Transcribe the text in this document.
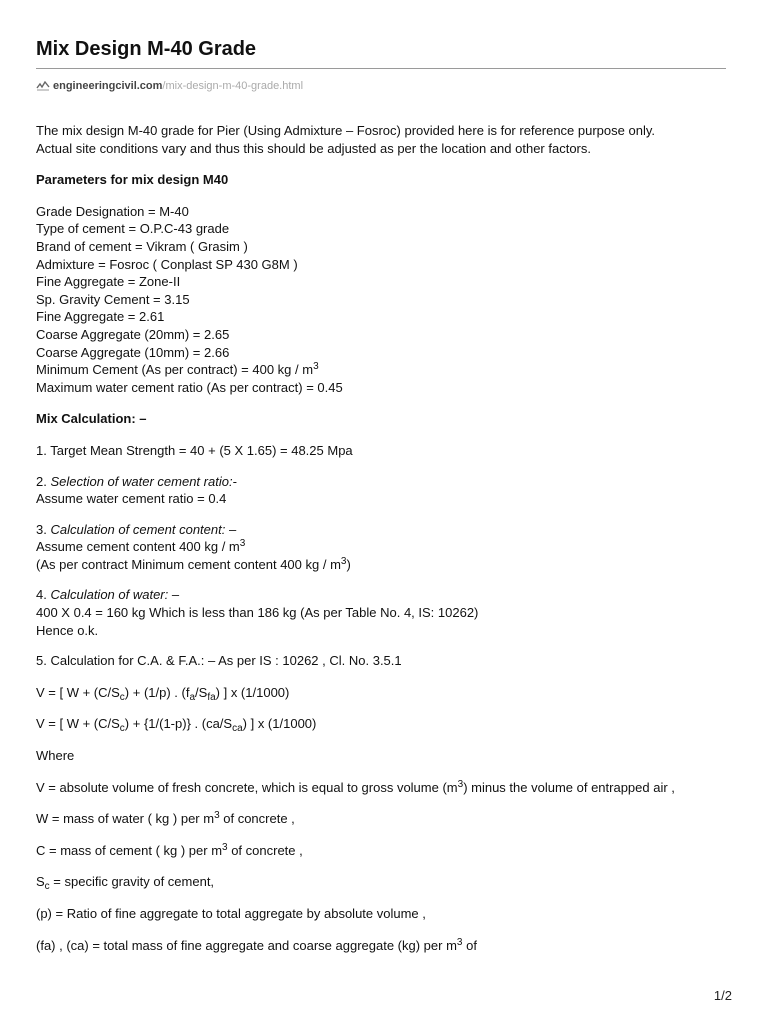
Mix Design M-40 Grade
engineeringcivil.com /mix-design-m-40-grade.html

The mix design M-40 grade for Pier (Using Admixture – Fosroc) provided here is for reference purpose only.

Actual site conditions vary and thus this should be adjusted as per the location and other factors.

Parameters for mix design M40

Grade Designation = M-40

Type of cement = O.P.C-43 grade

Brand of cement = Vikram ( Grasim )

Admixture = Fosroc ( Conplast SP 430 G8M )

Fine Aggregate = Zone-II

Sp. Gravity Cement = 3.15

Fine Aggregate = 2.61

Coarse Aggregate (20mm) = 2.65

Coarse Aggregate (10mm) = 2.66

Minimum Cement (As per contract) = 400 kg / $m^3$

Maximum water cement ratio (As per contract) = 0.45

Mix Calculation: –

1. Target Mean Strength = 40 + (5 X 1.65) = 48.25 Mpa

2. Selection of water cement ratio:-

Assume water cement ratio = 0.4

3. Calculation of cement content: –

Assume cement content 400 kg / $m^3$

(As per contract Minimum cement content 400 kg / $m^3$)

4. Calculation of water: –

400 X 0.4 = 160 kg Which is less than 186 kg (As per Table No. 4, IS: 10262)

Hence o.k.

5. Calculation for C.A. & F.A.: – As per IS : 10262 , Cl. No. 3.5.1

V = [ $W + (C/S_c) + (1/p)$ . $(f_a/S_{fa})$ ] x (1/1000)

V = [ $W + (C/S_c) + \{1/(1-p)\}$ . $(ca/S_{ca})$ ] x (1/1000)

Where

V = absolute volume of fresh concrete, which is equal to gross volume $(m^3)$ minus the volume of entrapped air ,

W = mass of water ( kg ) per $m^3$ of concrete ,

C = mass of cement ( kg ) per $m^3$ of concrete ,

$S_c$ = specific gravity of cement,

(p) = Ratio of fine aggregate to total aggregate by absolute volume ,

(fa) , (ca) = total mass of fine aggregate and coarse aggregate (kg) per $m^3$ of

1/2
